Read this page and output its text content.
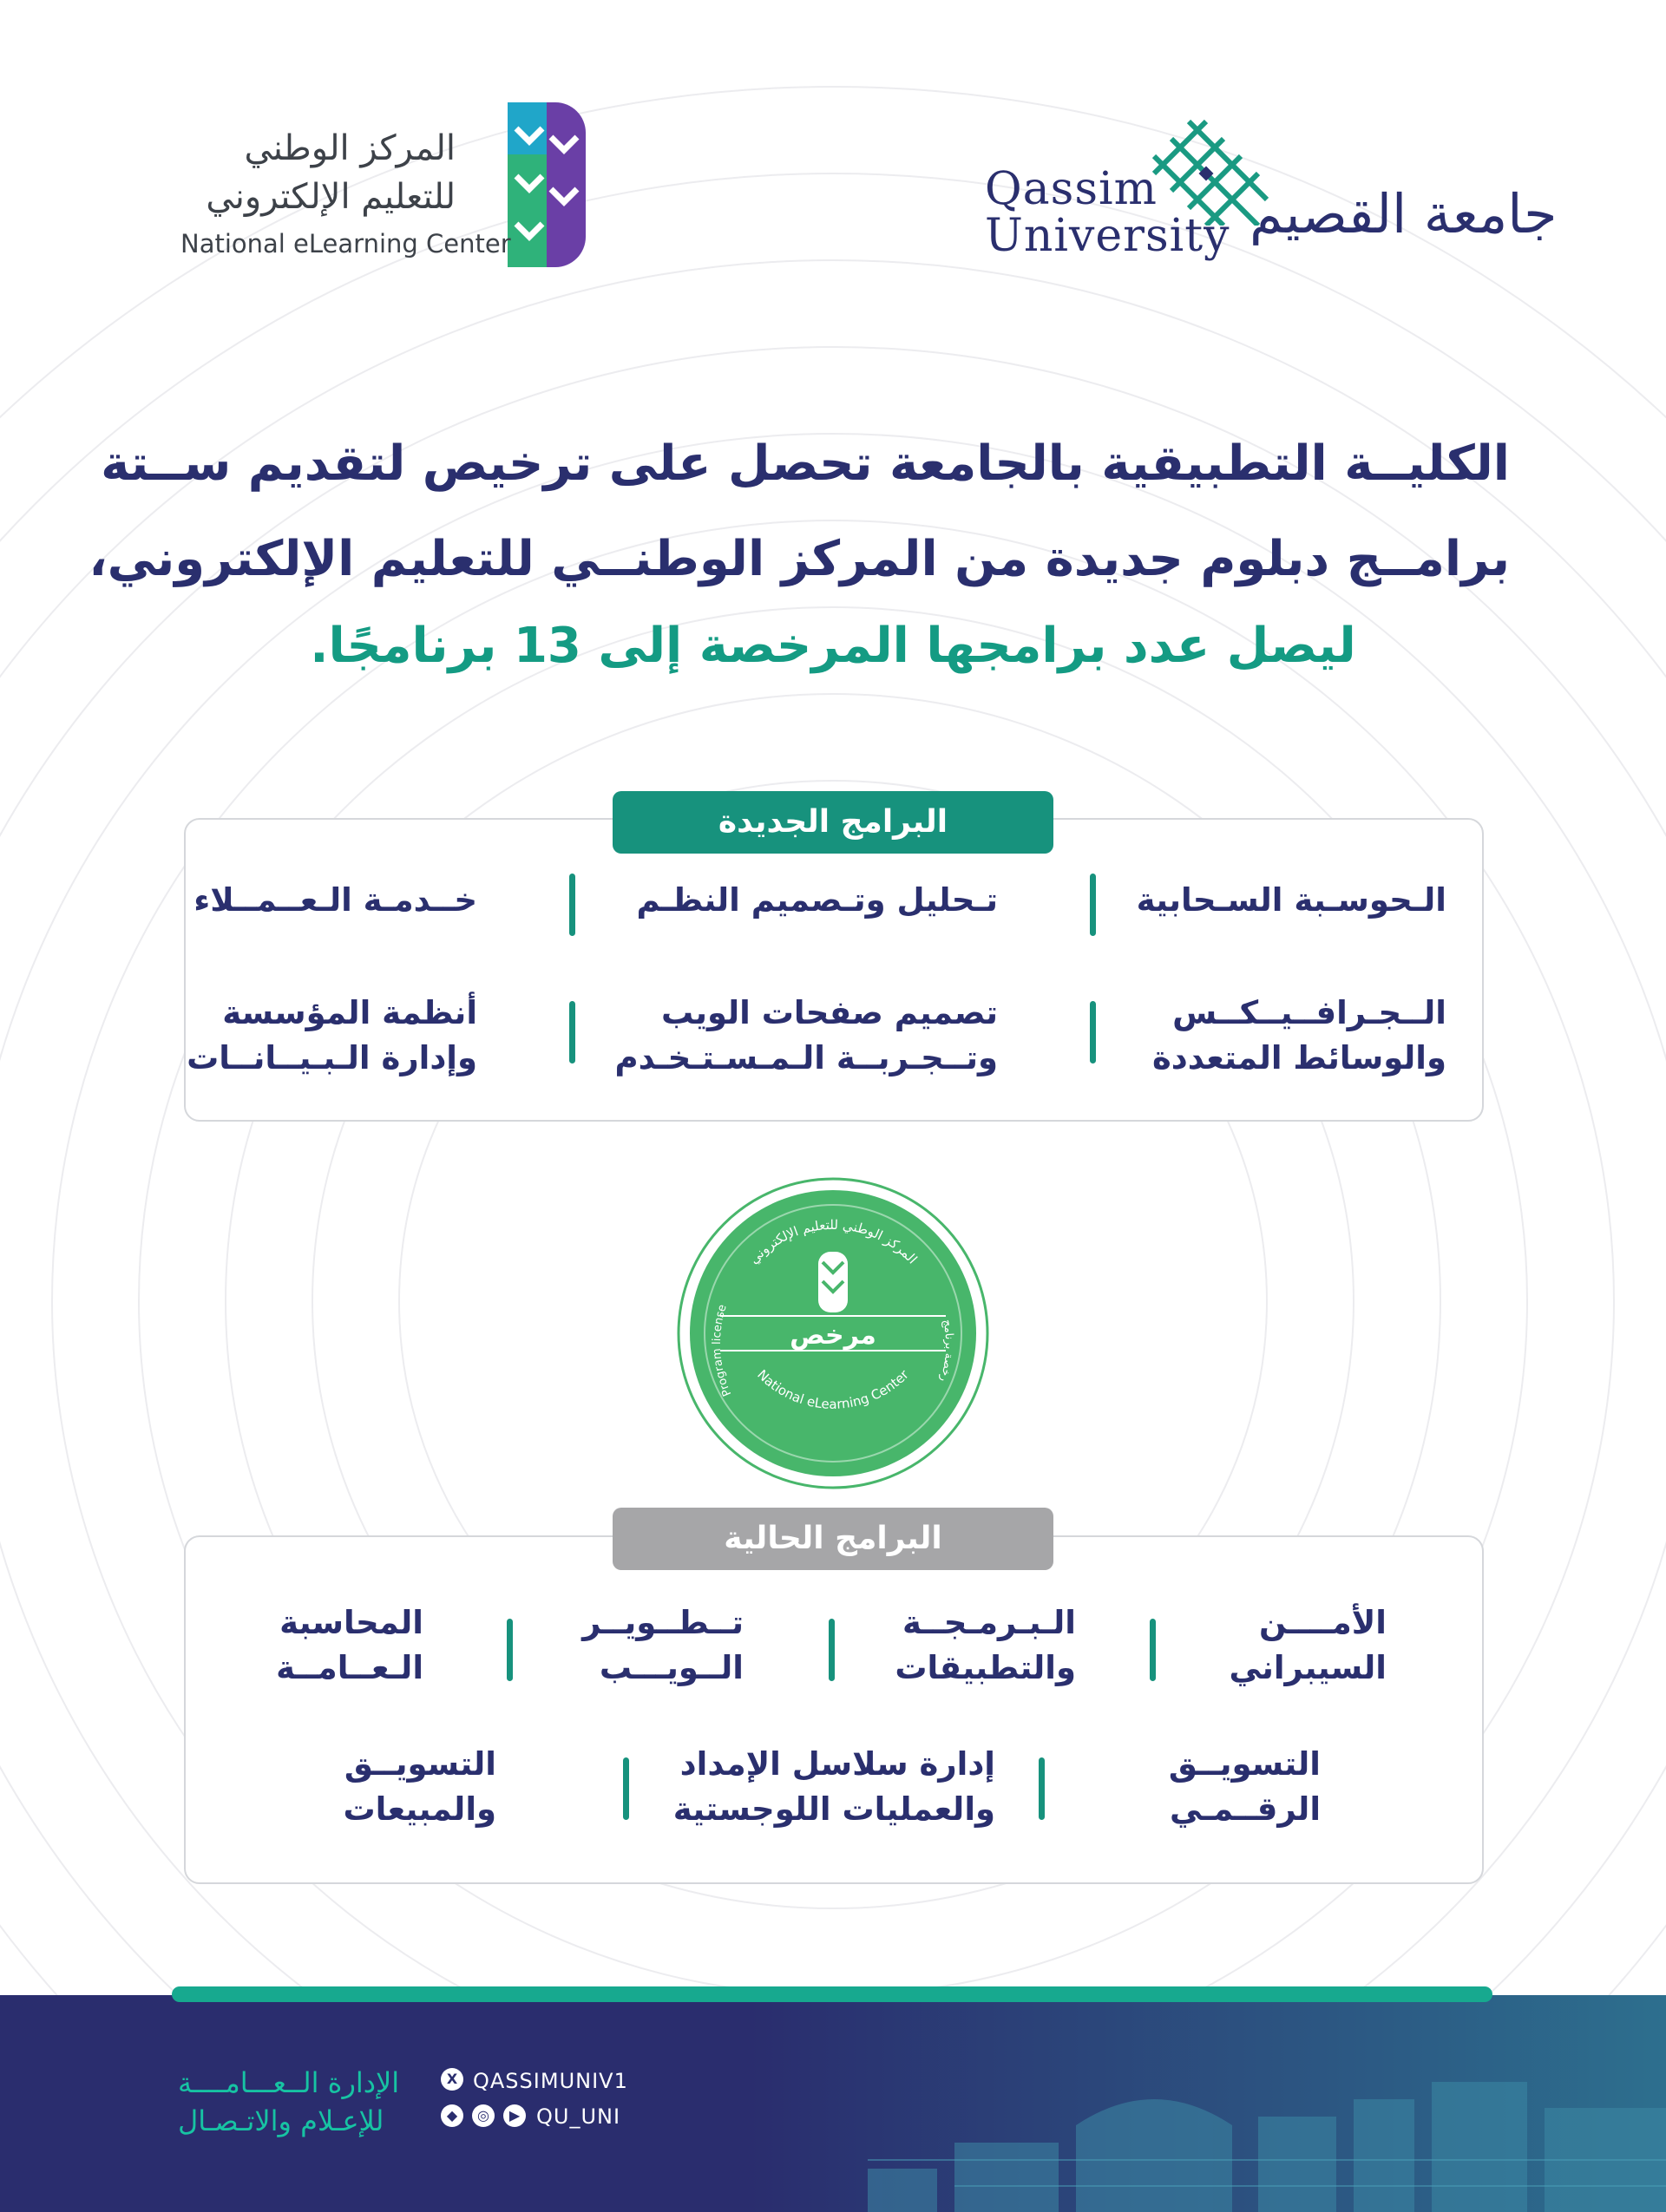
المركز الوطني
للتعليم الإلكتروني
National eLearning Center
Qassim
University جامعة القصيم
الكليــة التطبيقية بالجامعة تحصل على ترخيص لتقديم ســتة
برامــج دبلوم جديدة من المركز الوطنــي للتعليم الإلكتروني،
ليصل عدد برامجها المرخصة إلى 13 برنامجًا.
البرامج الجديدة
الـحوسـبة السـحابية
تـحليل وتـصميم النظـم
خــدمـة الـعــمــلاء
الــجـرافــيــكــس
والوسائط المتعددة
تصميم صفحات الويب
وتــجـربــة الـمـسـتـخـدم
أنظمة المؤسسة
وإدارة الـبـيــانــات
مرخص
المركز الوطني للتعليم الإلكتروني
National eLearning Center
Program license
رخصة برنامج
البرامج الحالية
الأمــــن
السيبراني
الـبـرمـجــة
والتطبيقات
تــطــويــر
الــويـــب
المحاسبة
الـعــامــة
التسويــق
الرقــمـي
إدارة سلاسل الإمداد
والعمليات اللوجستية
التسويــق
والمبيعات
الإدارة الــعـــامــــة
للإعـلام والاتـصـال
X QASSIMUNIV1
◆	◎	▶ QU_UNI
